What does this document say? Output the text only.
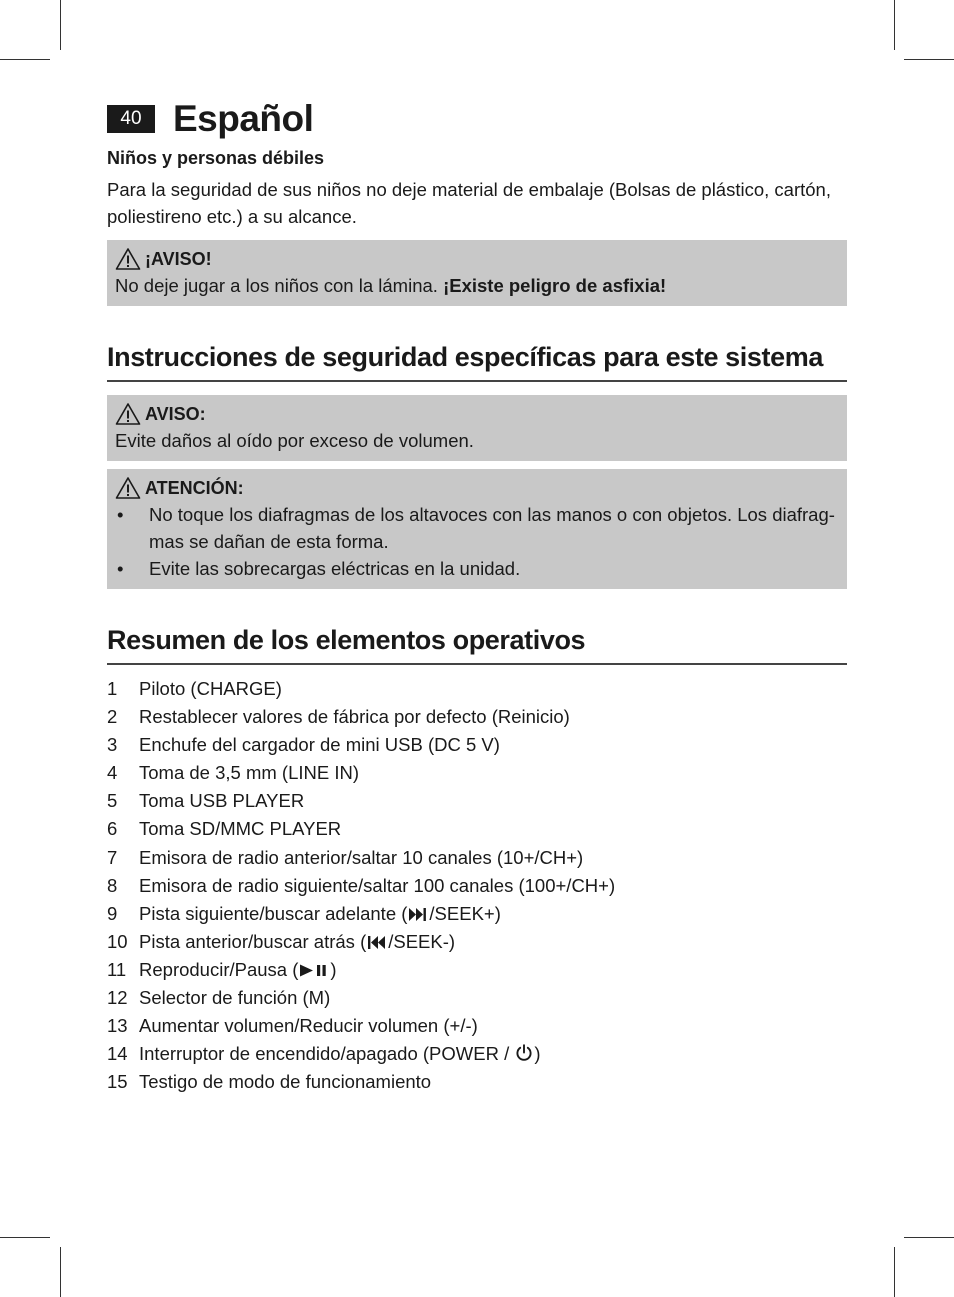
40 Español

Niños y personas débiles

Para la seguridad de sus niños no deje material de embalaje (Bolsas de plástico, cartón, poliestireno etc.) a su alcance.

¡AVISO!
No deje jugar a los niños con la lámina. ¡Existe peligro de asfixia!
Instrucciones de seguridad específicas para este sistema
AVISO:
Evite daños al oído por exceso de volumen.
ATENCIÓN:
•	No toque los diafragmas de los altavoces con las manos o con objetos. Los diafrag-mas se dañan de esta forma.
•	Evite las sobrecargas eléctricas en la unidad.
Resumen de los elementos operativos
1	Piloto (CHARGE)
2	Restablecer valores de fábrica por defecto (Reinicio)
3	Enchufe del cargador de mini USB (DC 5 V)
4	Toma de 3,5 mm (LINE IN)
5	Toma USB PLAYER
6	Toma SD/MMC PLAYER
7	Emisora de radio anterior/saltar 10 canales (10+/CH+)
8	Emisora de radio siguiente/saltar 100 canales (100+/CH+)
9	Pista siguiente/buscar adelante ( /SEEK+)
10 Pista anterior/buscar atrás ( /SEEK-)
11 Reproducir/Pausa ( )
12 Selector de función (M)
13 Aumentar volumen/Reducir volumen (+/-)
14 Interruptor de encendido/apagado (POWER / )
15 Testigo de modo de funcionamiento
